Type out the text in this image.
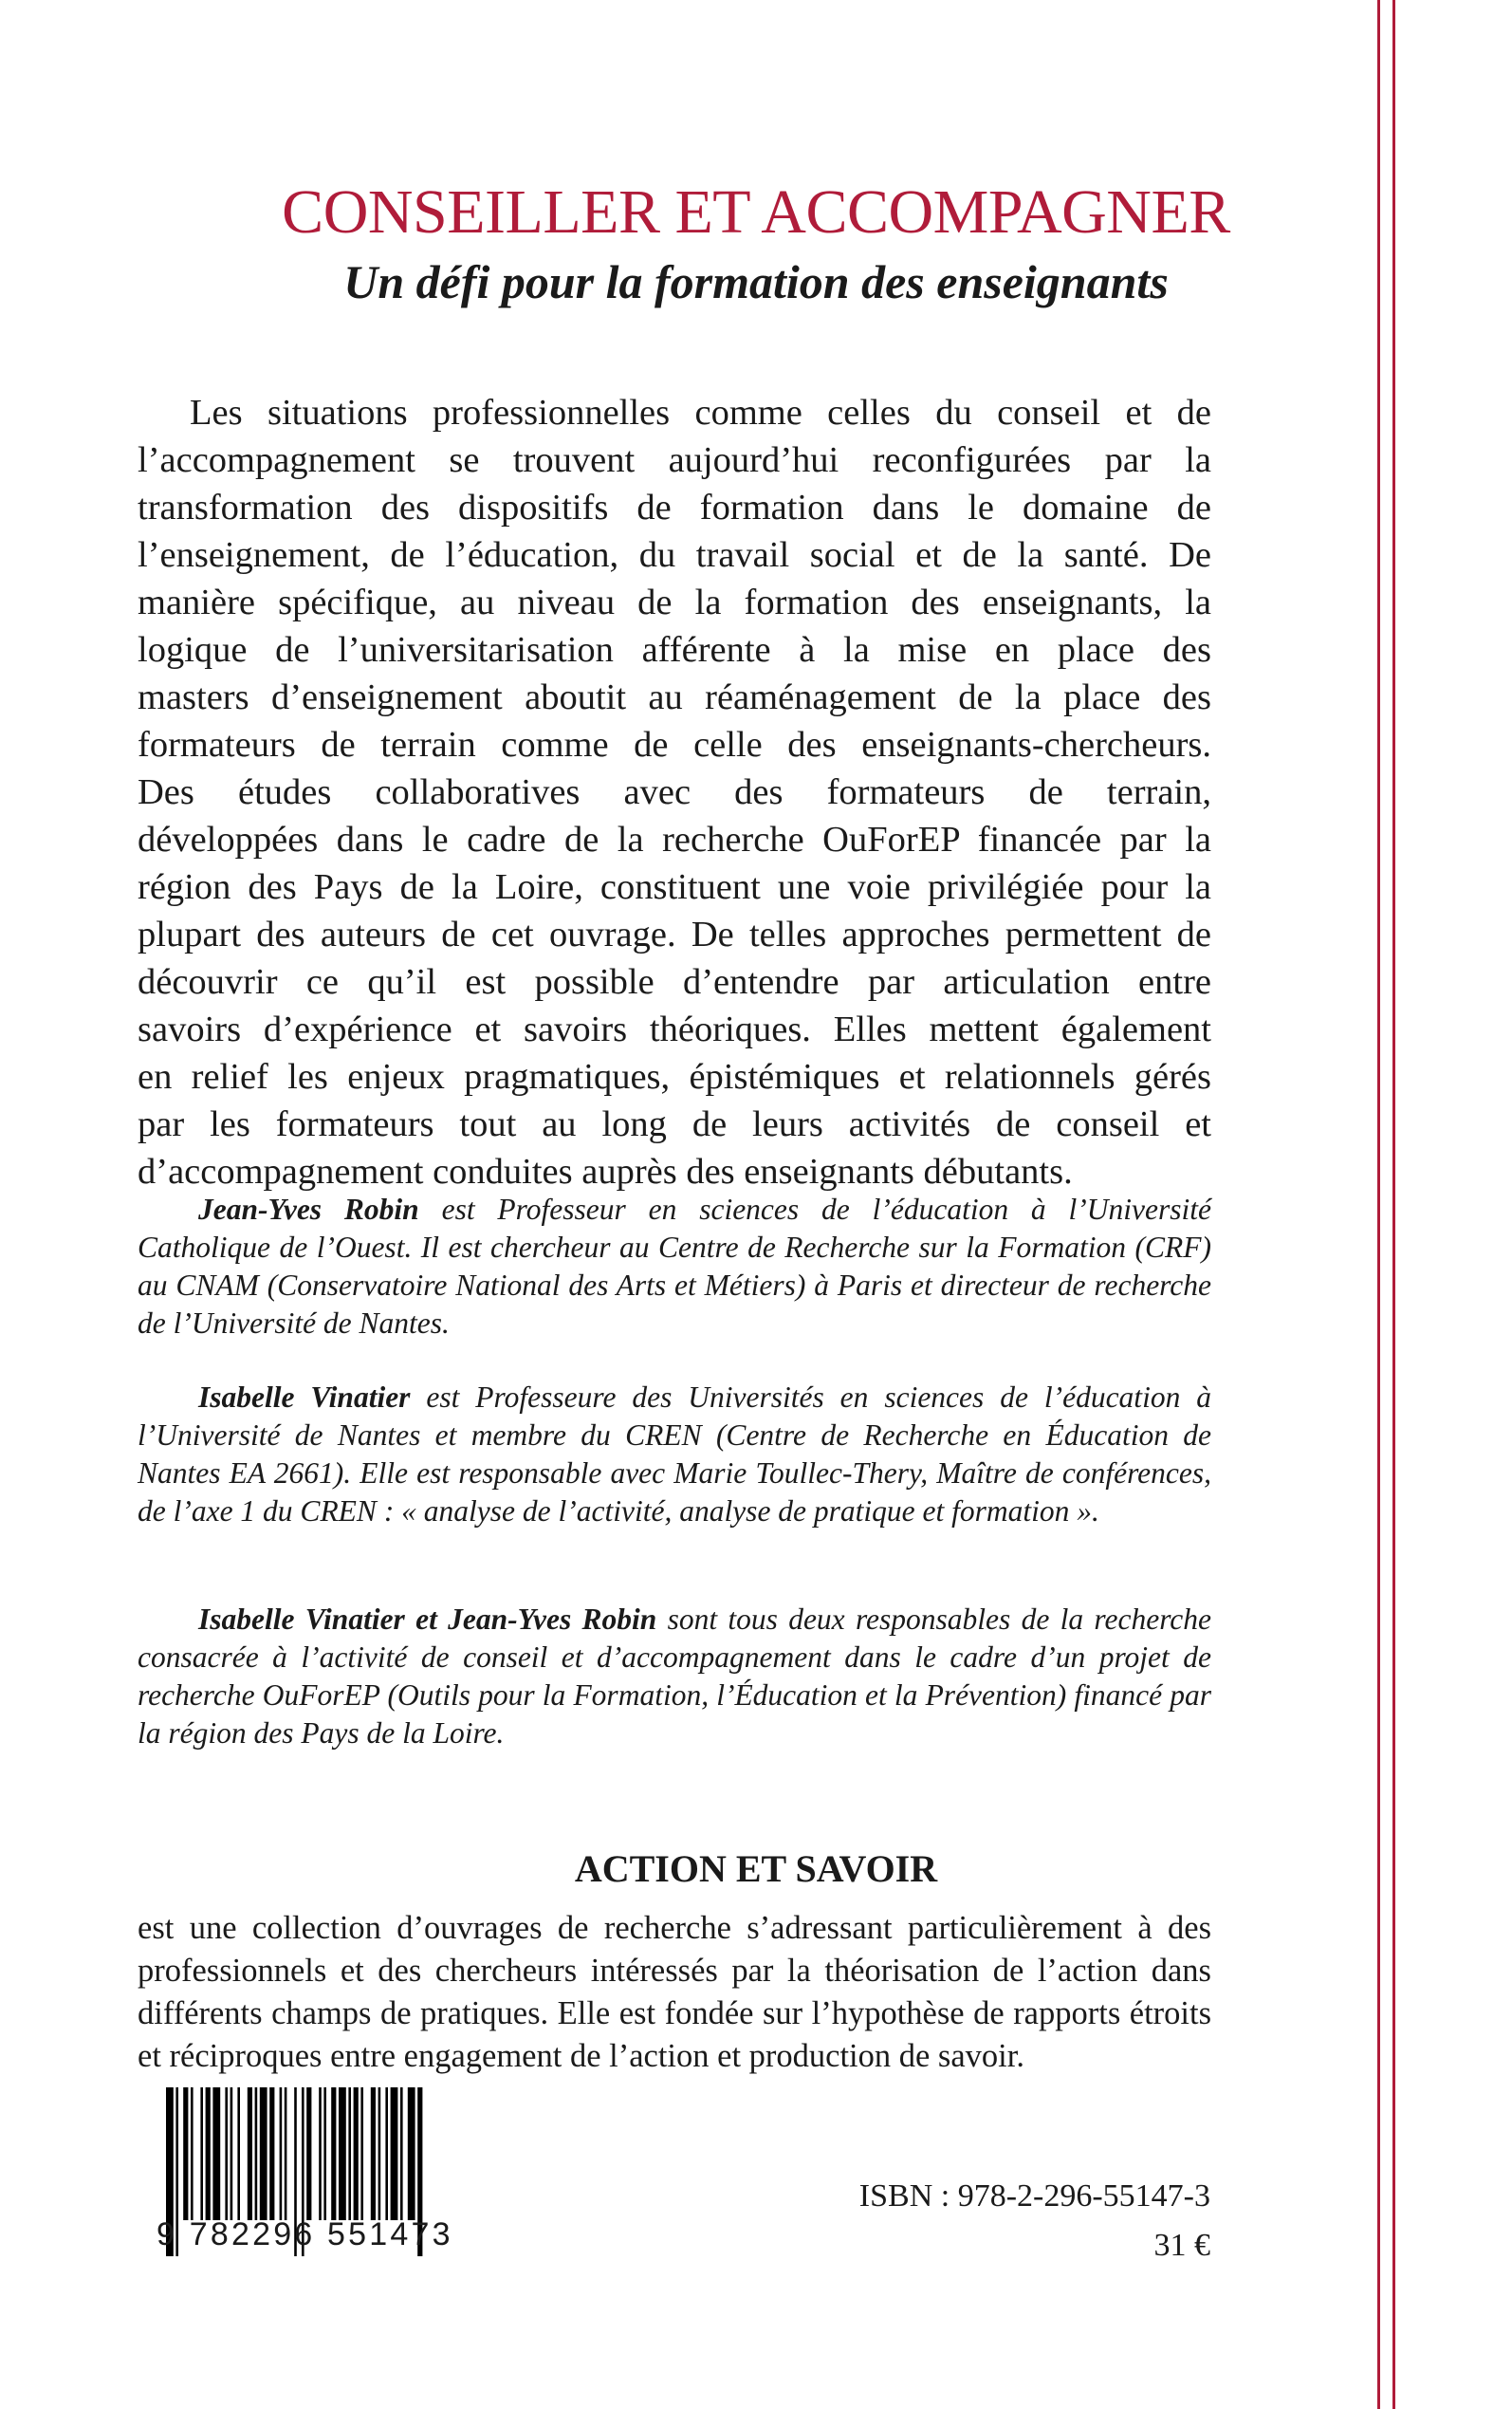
CONSEILLER ET ACCOMPAGNER
Un défi pour la formation des enseignants
Les situations professionnelles comme celles du conseil et de
l’accompagnement se trouvent aujourd’hui reconfigurées par la
transformation des dispositifs de formation dans le domaine de
l’enseignement, de l’éducation, du travail social et de la santé. De
manière spécifique, au niveau de la formation des enseignants, la
logique de l’universitarisation afférente à la mise en place des
masters d’enseignement aboutit au réaménagement de la place des
formateurs de terrain comme de celle des enseignants-chercheurs.
Des études collaboratives avec des formateurs de terrain,
développées dans le cadre de la recherche OuForEP financée par la
région des Pays de la Loire, constituent une voie privilégiée pour la
plupart des auteurs de cet ouvrage. De telles approches permettent de
découvrir ce qu’il est possible d’entendre par articulation entre
savoirs d’expérience et savoirs théoriques. Elles mettent également
en relief les enjeux pragmatiques, épistémiques et relationnels gérés
par les formateurs tout au long de leurs activités de conseil et
d’accompagnement conduites auprès des enseignants débutants.

Jean-Yves Robin est Professeur en sciences de l’éducation à l’Université Catholique de l’Ouest. Il est chercheur au Centre de Recherche sur la Formation (CRF) au CNAM (Conservatoire National des Arts et Métiers) à Paris et directeur de recherche de l’Université de Nantes.

Isabelle Vinatier est Professeure des Universités en sciences de l’éducation à l’Université de Nantes et membre du CREN (Centre de Recherche en Éducation de Nantes EA 2661). Elle est responsable avec Marie Toullec-Thery, Maître de conférences, de l’axe 1 du CREN : « analyse de l’activité, analyse de pratique et formation ».

Isabelle Vinatier et Jean-Yves Robin sont tous deux responsables de la recherche consacrée à l’activité de conseil et d’accompagnement dans le cadre d’un projet de recherche OuForEP (Outils pour la Formation, l’Éducation et la Prévention) financé par la région des Pays de la Loire.

ACTION ET SAVOIR

est une collection d’ouvrages de recherche s’adressant particulièrement à des professionnels et des chercheurs intéressés par la théorisation de l’action dans différents champs de pratiques. Elle est fondée sur l’hypothèse de rapports étroits et réciproques entre engagement de l’action et production de savoir.

9 782296 551473

ISBN : 978-2-296-55147-3

31 €
